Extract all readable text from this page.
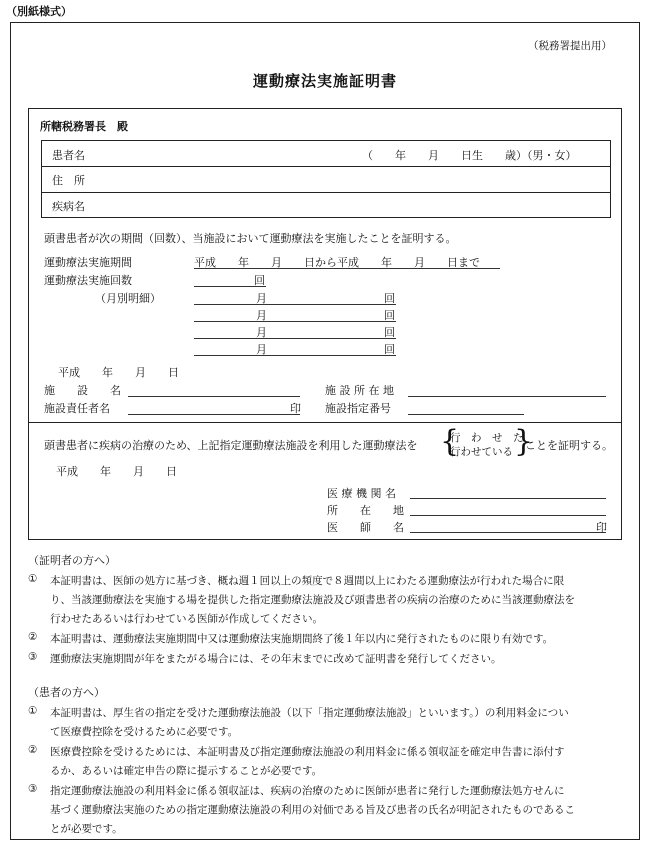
（別紙様式）
（税務署提出用）
運動療法実施証明書
所轄税務署長　殿
患者名	（　　年　　月　　日生　　歳）（男・女）
住　所
疾病名
頭書患者が次の期間（回数）、当施設において運動療法を実施したことを証明する。
運動療法実施期間	平成　　年　　月　　日から平成　　年　　月　　日まで
運動療法実施回数	回
（月別明細）	月	回
月	回
月	回
月	回
平成　　年　　月　　日
施　　設　　名	施 設 所 在 地
施設責任者名	印 施設指定番号
頭書患者に疾病の治療のため、上記指定運動療法施設を利用した運動療法を {
行　わ　せ　た
行わせている }
ことを証明する。
平成　　年　　月　　日
医 療 機 関 名
所　　在　　地
医　　師　　名	印
（証明者の方へ）
① 本証明書は、医師の処方に基づき、概ね週１回以上の頻度で８週間以上にわたる運動療法が行われた場合に限
り、当該運動療法を実施する場を提供した指定運動療法施設及び頭書患者の疾病の治療のために当該運動療法を
行わせたあるいは行わせている医師が作成してください。
② 本証明書は、運動療法実施期間中又は運動療法実施期間終了後１年以内に発行されたものに限り有効です。
③ 運動療法実施期間が年をまたがる場合には、その年末までに改めて証明書を発行してください。
（患者の方へ）
① 本証明書は、厚生省の指定を受けた運動療法施設（以下「指定運動療法施設」といいます。）の利用料金につい
て医療費控除を受けるために必要です。
② 医療費控除を受けるためには、本証明書及び指定運動療法施設の利用料金に係る領収証を確定申告書に添付す
るか、あるいは確定申告の際に提示することが必要です。
③ 指定運動療法施設の利用料金に係る領収証は、疾病の治療のために医師が患者に発行した運動療法処方せんに
基づく運動療法実施のための指定運動療法施設の利用の対価である旨及び患者の氏名が明記されたものであるこ
とが必要です。
